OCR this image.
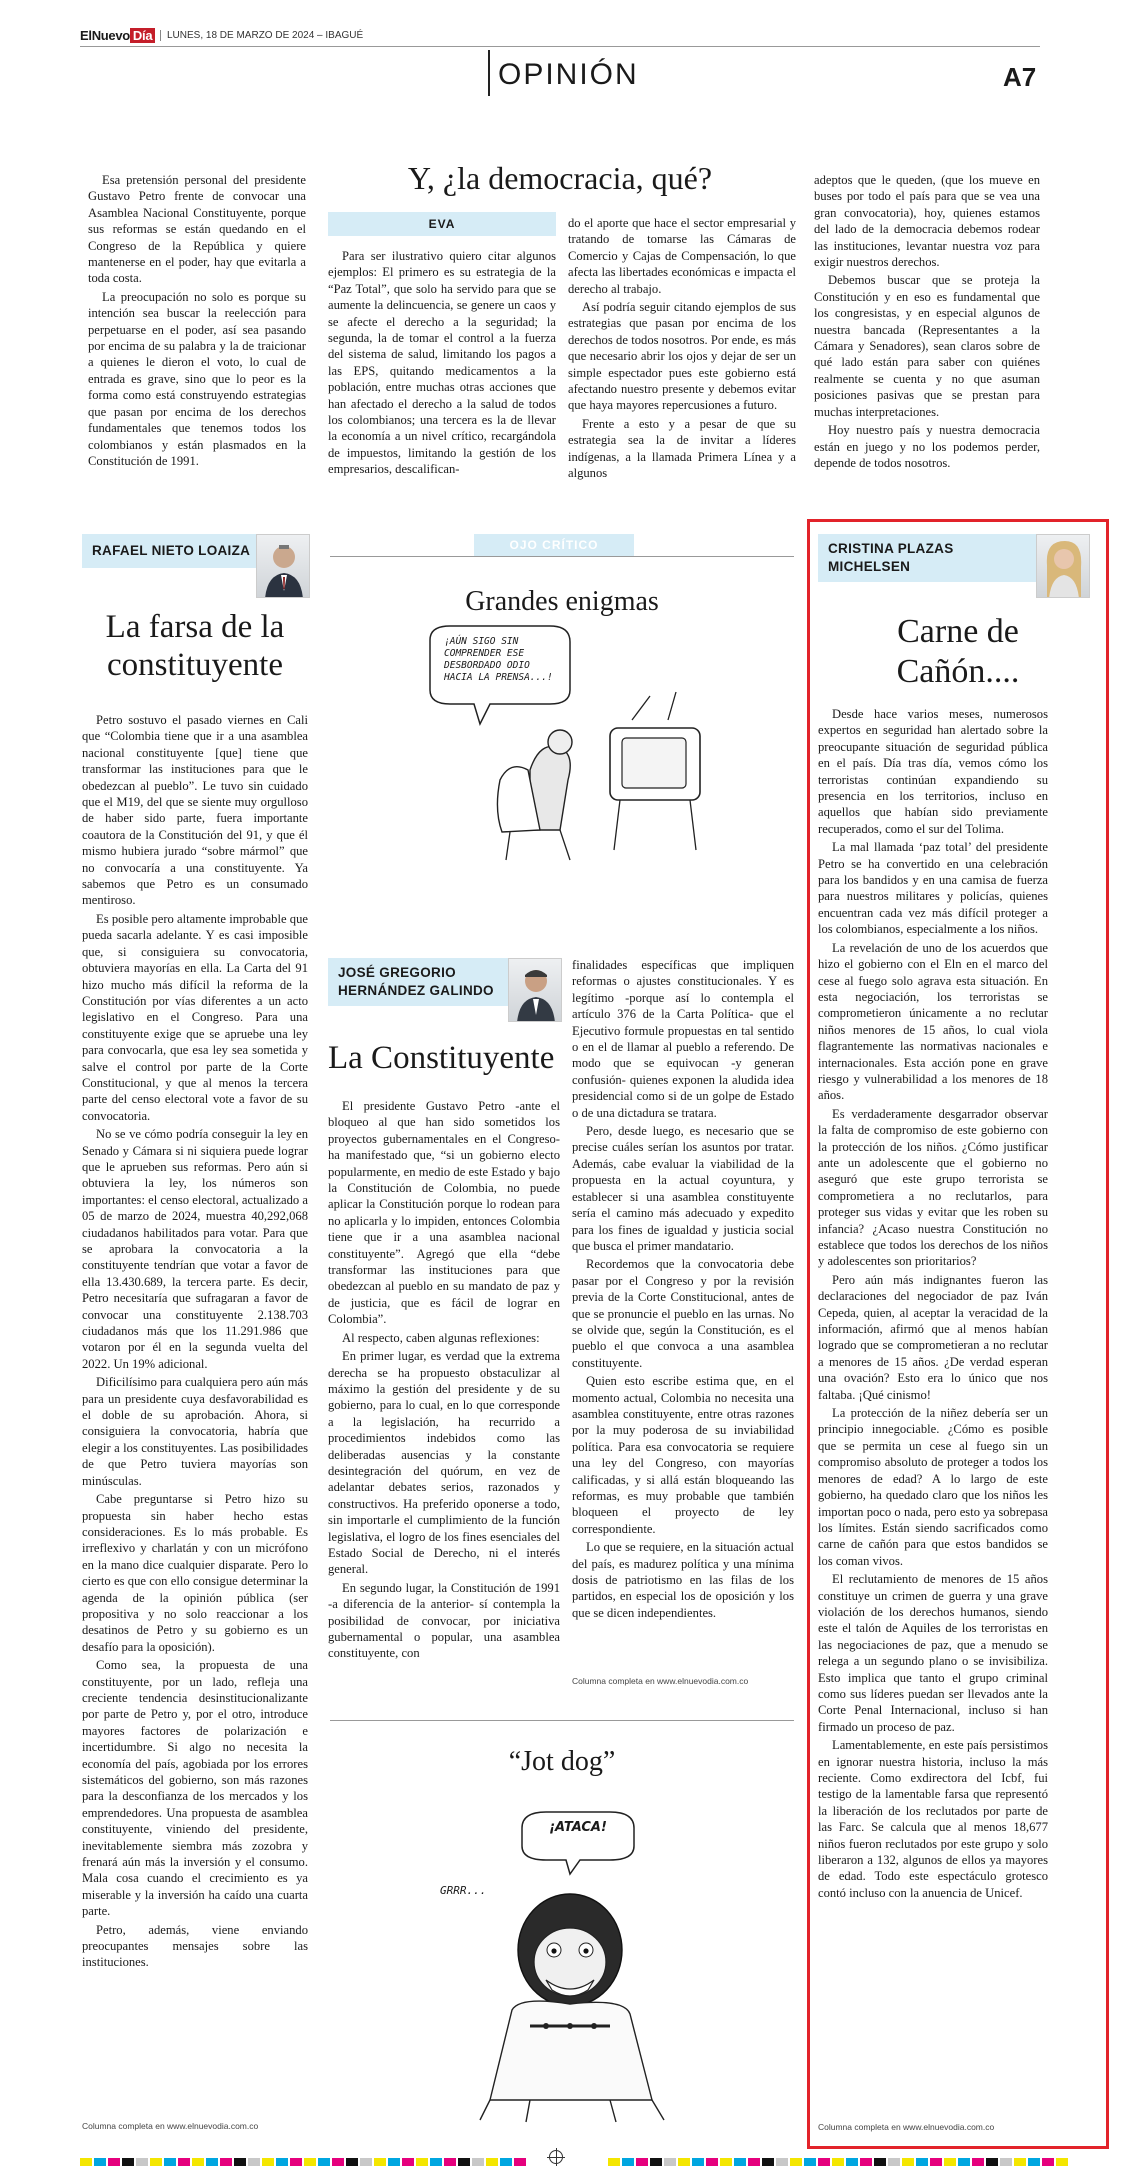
ElNuevo Día	LUNES, 18 DE MARZO DE 2024 – IBAGUÉ
OPINIÓN	A7
Y, ¿la democracia, qué?
EVA

Esa pretensión personal del presidente Gustavo Petro frente de convocar una Asamblea Nacional Constituyente, porque sus reformas se están quedando en el Congreso de la República y quiere mantenerse en el poder, hay que evitarla a toda costa.

La preocupación no solo es porque su intención sea buscar la reelección para perpetuarse en el poder, así sea pasando por encima de su palabra y la de traicionar a quienes le dieron el voto, lo cual de entrada es grave, sino que lo peor es la forma como está construyendo estrategias que pasan por encima de los derechos fundamentales que tenemos todos los colombianos y están plasmados en la Constitución de 1991.

Para ser ilustrativo quiero citar algunos ejemplos: El primero es su estrategia de la “Paz Total”, que solo ha servido para que se aumente la delincuencia, se genere un caos y se afecte el derecho a la seguridad; la segunda, la de tomar el control a la fuerza del sistema de salud, limitando los pagos a las EPS, quitando medicamentos a la población, entre muchas otras acciones que han afectado el derecho a la salud de todos los colombianos; una tercera es la de llevar la economía a un nivel crítico, recargándola de impuestos, limitando la gestión de los empresarios, descalifican-

do el aporte que hace el sector empresarial y tratando de tomarse las Cámaras de Comercio y Cajas de Compensación, lo que afecta las libertades económicas e impacta el derecho al trabajo.

Así podría seguir citando ejemplos de sus estrategias que pasan por encima de los derechos de todos nosotros. Por ende, es más que necesario abrir los ojos y dejar de ser un simple espectador pues este gobierno está afectando nuestro presente y debemos evitar que haya mayores repercusiones a futuro.

Frente a esto y a pesar de que su estrategia sea la de invitar a líderes indígenas, a la llamada Primera Línea y a algunos

adeptos que le queden, (que los mueve en buses por todo el país para que se vea una gran convocatoria), hoy, quienes estamos del lado de la democracia debemos rodear las instituciones, levantar nuestra voz para exigir nuestros derechos.

Debemos buscar que se proteja la Constitución y en eso es fundamental que los congresistas, y en especial algunos de nuestra bancada (Representantes a la Cámara y Senadores), sean claros sobre de qué lado están para saber con quiénes realmente se cuenta y no que asuman posiciones pasivas que se prestan para muchas interpretaciones.

Hoy nuestro país y nuestra democracia están en juego y no los podemos perder, depende de todos nosotros.

RAFAEL NIETO LOAIZA
La farsa de la constituyente

Petro sostuvo el pasado viernes en Cali que “Colombia tiene que ir a una asamblea nacional constituyente [que] tiene que transformar las instituciones para que le obedezcan al pueblo”. Le tuvo sin cuidado que el M19, del que se siente muy orgulloso de haber sido parte, fuera importante coautora de la Constitución del 91, y que él mismo hubiera jurado “sobre mármol” que no convocaría a una constituyente. Ya sabemos que Petro es un consumado mentiroso.

Es posible pero altamente improbable que pueda sacarla adelante. Y es casi imposible que, si consiguiera su convocatoria, obtuviera mayorías en ella. La Carta del 91 hizo mucho más difícil la reforma de la Constitución por vías diferentes a un acto legislativo en el Congreso. Para una constituyente exige que se apruebe una ley para convocarla, que esa ley sea sometida y salve el control por parte de la Corte Constitucional, y que al menos la tercera parte del censo electoral vote a favor de su convocatoria.

No se ve cómo podría conseguir la ley en Senado y Cámara si ni siquiera puede lograr que le aprueben sus reformas. Pero aún si obtuviera la ley, los números son importantes: el censo electoral, actualizado a 05 de marzo de 2024, muestra 40,292,068 ciudadanos habilitados para votar. Para que se aprobara la convocatoria a la constituyente tendrían que votar a favor de ella 13.430.689, la tercera parte. Es decir, Petro necesitaría que sufragaran a favor de convocar una constituyente 2.138.703 ciudadanos más que los 11.291.986 que votaron por él en la segunda vuelta del 2022. Un 19% adicional.

Dificilísimo para cualquiera pero aún más para un presidente cuya desfavorabilidad es el doble de su aprobación. Ahora, si consiguiera la convocatoria, habría que elegir a los constituyentes. Las posibilidades de que Petro tuviera mayorías son minúsculas.

Cabe preguntarse si Petro hizo su propuesta sin haber hecho estas consideraciones. Es lo más probable. Es irreflexivo y charlatán y con un micrófono en la mano dice cualquier disparate. Pero lo cierto es que con ello consigue determinar la agenda de la opinión pública (ser propositiva y no solo reaccionar a los desatinos de Petro y su gobierno es un desafío para la oposición).

Como sea, la propuesta de una constituyente, por un lado, refleja una creciente tendencia desinstitucionalizante por parte de Petro y, por el otro, introduce mayores factores de polarización e incertidumbre. Si algo no necesita la economía del país, agobiada por los errores sistemáticos del gobierno, son más razones para la desconfianza de los mercados y los emprendedores. Una propuesta de asamblea constituyente, viniendo del presidente, inevitablemente siembra más zozobra y frenará aún más la inversión y el consumo. Mala cosa cuando el crecimiento es ya miserable y la inversión ha caído una cuarta parte.

Petro, además, viene enviando preocupantes mensajes sobre las instituciones.

Columna completa en www.elnuevodia.com.co
OJO CRÍTICO
Grandes enigmas
¡AÚN SIGO SIN COMPRENDER ESE DESBORDADO ODIO HACIA LA PRENSA...!
JOSÉ GREGORIO
HERNÁNDEZ GALINDO
La Constituyente

El presidente Gustavo Petro -ante el bloqueo al que han sido sometidos los proyectos gubernamentales en el Congreso- ha manifestado que, “si un gobierno electo popularmente, en medio de este Estado y bajo la Constitución de Colombia, no puede aplicar la Constitución porque lo rodean para no aplicarla y lo impiden, entonces Colombia tiene que ir a una asamblea nacional constituyente”. Agregó que ella “debe transformar las instituciones para que obedezcan al pueblo en su mandato de paz y de justicia, que es fácil de lograr en Colombia”.

Al respecto, caben algunas reflexiones:

En primer lugar, es verdad que la extrema derecha se ha propuesto obstaculizar al máximo la gestión del presidente y de su gobierno, para lo cual, en lo que corresponde a la legislación, ha recurrido a procedimientos indebidos como las deliberadas ausencias y la constante desintegración del quórum, en vez de adelantar debates serios, razonados y constructivos. Ha preferido oponerse a todo, sin importarle el cumplimiento de la función legislativa, el logro de los fines esenciales del Estado Social de Derecho, ni el interés general.

En segundo lugar, la Constitución de 1991 -a diferencia de la anterior- sí contempla la posibilidad de convocar, por iniciativa gubernamental o popular, una asamblea constituyente, con

finalidades específicas que impliquen reformas o ajustes constitucionales. Y es legítimo -porque así lo contempla el artículo 376 de la Carta Política- que el Ejecutivo formule propuestas en tal sentido o en el de llamar al pueblo a referendo. De modo que se equivocan -y generan confusión- quienes exponen la aludida idea presidencial como si de un golpe de Estado o de una dictadura se tratara.

Pero, desde luego, es necesario que se precise cuáles serían los asuntos por tratar. Además, cabe evaluar la viabilidad de la propuesta en la actual coyuntura, y establecer si una asamblea constituyente sería el camino más adecuado y expedito para los fines de igualdad y justicia social que busca el primer mandatario.

Recordemos que la convocatoria debe pasar por el Congreso y por la revisión previa de la Corte Constitucional, antes de que se pronuncie el pueblo en las urnas. No se olvide que, según la Constitución, es el pueblo el que convoca a una asamblea constituyente.

Quien esto escribe estima que, en el momento actual, Colombia no necesita una asamblea constituyente, entre otras razones por la muy poderosa de su inviabilidad política. Para esa convocatoria se requiere una ley del Congreso, con mayorías calificadas, y si allá están bloqueando las reformas, es muy probable que también bloqueen el proyecto de ley correspondiente.

Lo que se requiere, en la situación actual del país, es madurez política y una mínima dosis de patriotismo en las filas de los partidos, en especial los de oposición y los que se dicen independientes.

Columna completa en www.elnuevodia.com.co
“Jot dog”
¡ATACA!
GRRR...
CRISTINA PLAZAS
MICHELSEN
Carne de
Cañón....

Desde hace varios meses, numerosos expertos en seguridad han alertado sobre la preocupante situación de seguridad pública en el país. Día tras día, vemos cómo los terroristas continúan expandiendo su presencia en los territorios, incluso en aquellos que habían sido previamente recuperados, como el sur del Tolima.

La mal llamada ‘paz total’ del presidente Petro se ha convertido en una celebración para los bandidos y en una camisa de fuerza para nuestros militares y policías, quienes encuentran cada vez más difícil proteger a los colombianos, especialmente a los niños.

La revelación de uno de los acuerdos que hizo el gobierno con el Eln en el marco del cese al fuego solo agrava esta situación. En esta negociación, los terroristas se comprometieron únicamente a no reclutar niños menores de 15 años, lo cual viola flagrantemente las normativas nacionales e internacionales. Esta acción pone en grave riesgo y vulnerabilidad a los menores de 18 años.

Es verdaderamente desgarrador observar la falta de compromiso de este gobierno con la protección de los niños. ¿Cómo justificar ante un adolescente que el gobierno no aseguró que este grupo terrorista se comprometiera a no reclutarlos, para proteger sus vidas y evitar que les roben su infancia? ¿Acaso nuestra Constitución no establece que todos los derechos de los niños y adolescentes son prioritarios?

Pero aún más indignantes fueron las declaraciones del negociador de paz Iván Cepeda, quien, al aceptar la veracidad de la información, afirmó que al menos habían logrado que se comprometieran a no reclutar a menores de 15 años. ¿De verdad esperan una ovación? Esto era lo único que nos faltaba. ¡Qué cinismo!

La protección de la niñez debería ser un principio innegociable. ¿Cómo es posible que se permita un cese al fuego sin un compromiso absoluto de proteger a todos los menores de edad? A lo largo de este gobierno, ha quedado claro que los niños les importan poco o nada, pero esto ya sobrepasa los límites. Están siendo sacrificados como carne de cañón para que estos bandidos se los coman vivos.

El reclutamiento de menores de 15 años constituye un crimen de guerra y una grave violación de los derechos humanos, siendo este el talón de Aquiles de los terroristas en las negociaciones de paz, que a menudo se relega a un segundo plano o se invisibiliza. Esto implica que tanto el grupo criminal como sus líderes puedan ser llevados ante la Corte Penal Internacional, incluso si han firmado un proceso de paz.

Lamentablemente, en este país persistimos en ignorar nuestra historia, incluso la más reciente. Como exdirectora del Icbf, fui testigo de la lamentable farsa que representó la liberación de los reclutados por parte de las Farc. Se calcula que al menos 18,677 niños fueron reclutados por este grupo y solo liberaron a 132, algunos de ellos ya mayores de edad. Todo este espectáculo grotesco contó incluso con la anuencia de Unicef.

Columna completa en www.elnuevodia.com.co
